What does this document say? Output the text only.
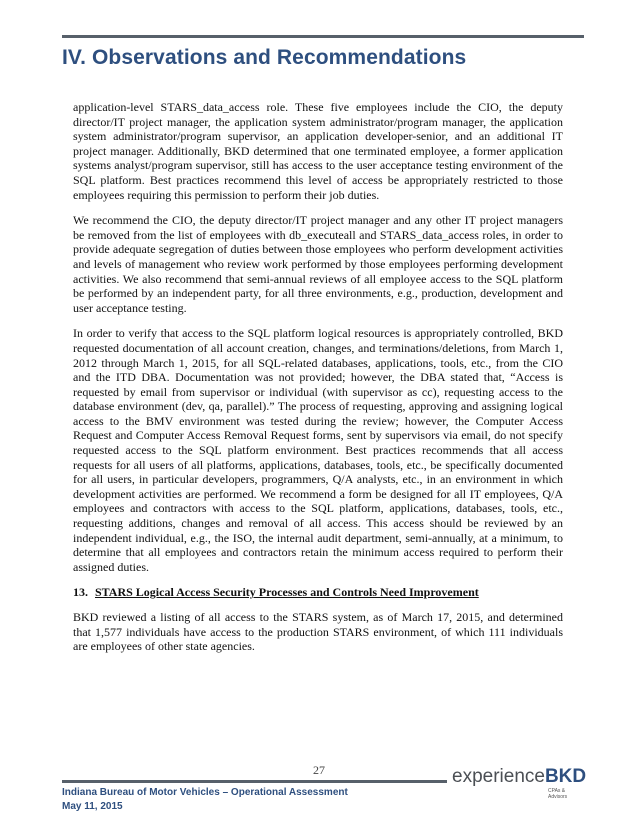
IV. Observations and Recommendations

application-level STARS_data_access role. These five employees include the CIO, the deputy director/IT project manager, the application system administrator/program manager, the application system administrator/program supervisor, an application developer-senior, and an additional IT project manager. Additionally, BKD determined that one terminated employee, a former application systems analyst/program supervisor, still has access to the user acceptance testing environment of the SQL platform. Best practices recommend this level of access be appropriately restricted to those employees requiring this permission to perform their job duties.

We recommend the CIO, the deputy director/IT project manager and any other IT project managers be removed from the list of employees with db_executeall and STARS_data_access roles, in order to provide adequate segregation of duties between those employees who perform development activities and levels of management who review work performed by those employees performing development activities. We also recommend that semi-annual reviews of all employee access to the SQL platform be performed by an independent party, for all three environments, e.g., production, development and user acceptance testing.

In order to verify that access to the SQL platform logical resources is appropriately controlled, BKD requested documentation of all account creation, changes, and terminations/deletions, from March 1, 2012 through March 1, 2015, for all SQL-related databases, applications, tools, etc., from the CIO and the ITD DBA. Documentation was not provided; however, the DBA stated that, “Access is requested by email from supervisor or individual (with supervisor as cc), requesting access to the database environment (dev, qa, parallel).” The process of requesting, approving and assigning logical access to the BMV environment was tested during the review; however, the Computer Access Request and Computer Access Removal Request forms, sent by supervisors via email, do not specify requested access to the SQL platform environment. Best practices recommends that all access requests for all users of all platforms, applications, databases, tools, etc., be specifically documented for all users, in particular developers, programmers, Q/A analysts, etc., in an environment in which development activities are performed. We recommend a form be designed for all IT employees, Q/A employees and contractors with access to the SQL platform, applications, databases, tools, etc., requesting additions, changes and removal of all access. This access should be reviewed by an independent individual, e.g., the ISO, the internal audit department, semi-annually, at a minimum, to determine that all employees and contractors retain the minimum access required to perform their assigned duties.

13. STARS Logical Access Security Processes and Controls Need Improvement

BKD reviewed a listing of all access to the STARS system, as of March 17, 2015, and determined that 1,577 individuals have access to the production STARS environment, of which 111 individuals are employees of other state agencies.

27
Indiana Bureau of Motor Vehicles – Operational Assessment
May 11, 2015
experienceBKD
CPAs & Advisors
